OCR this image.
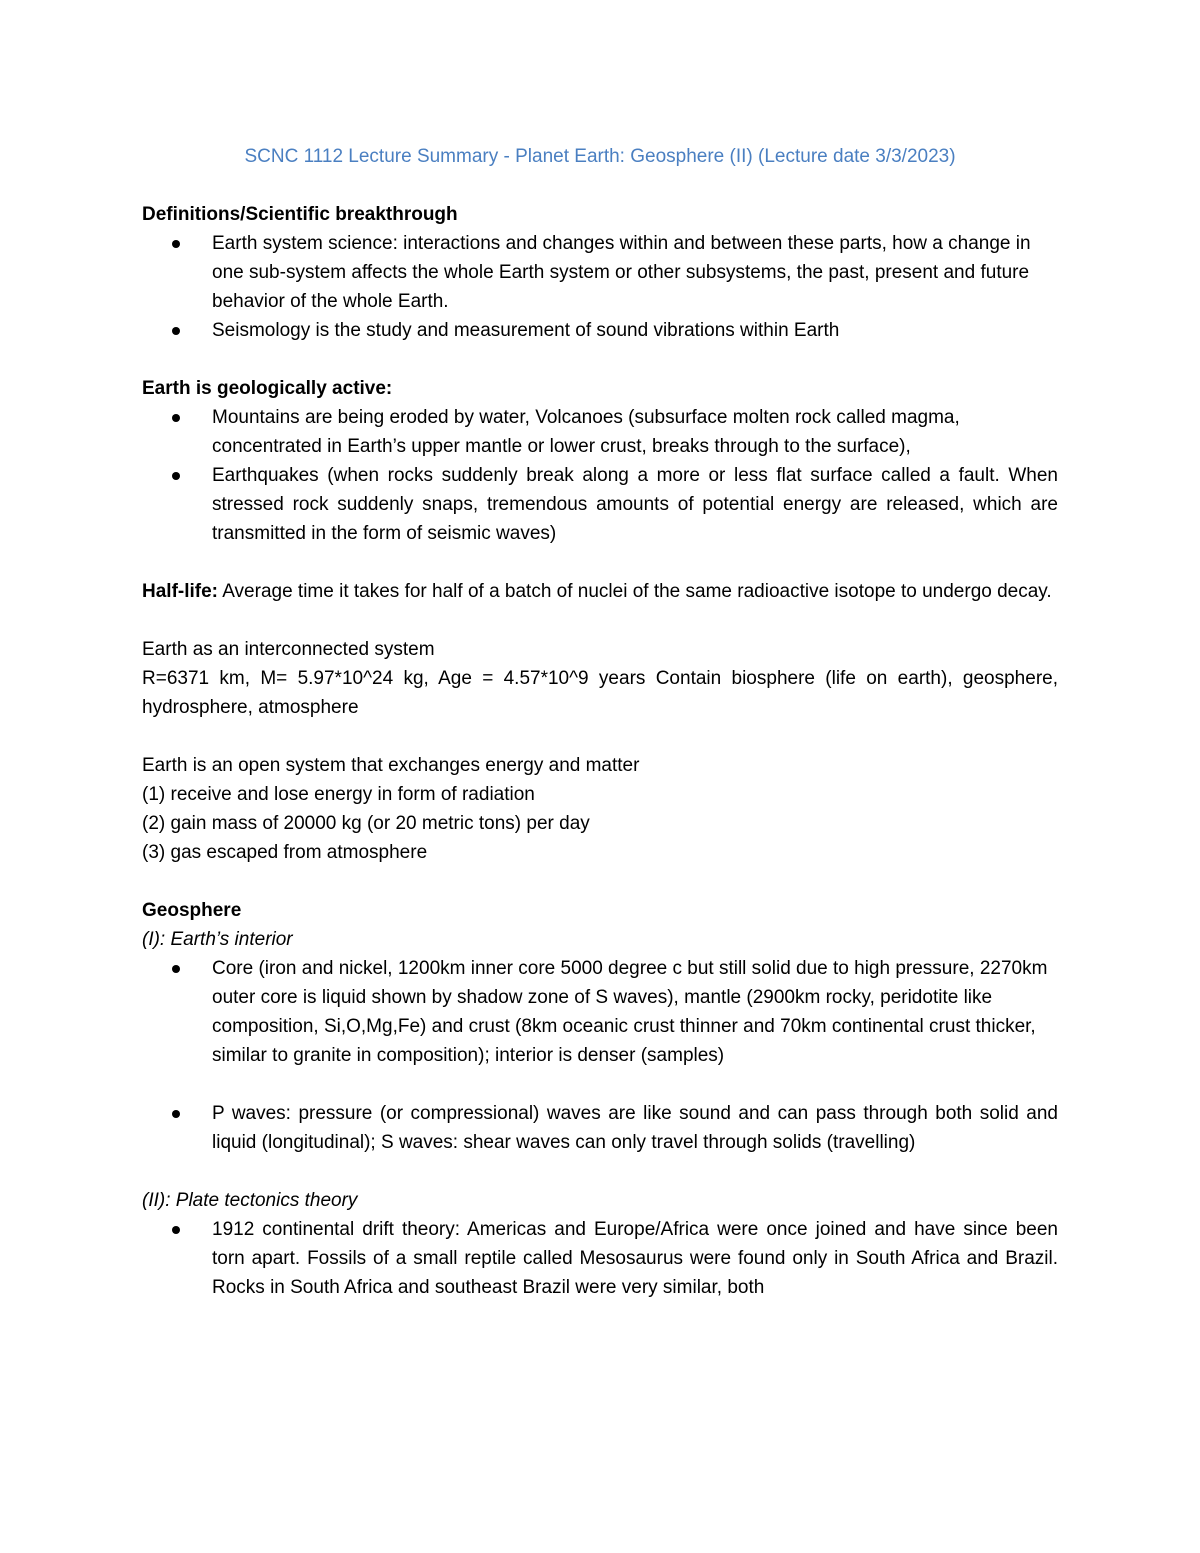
SCNC 1112 Lecture Summary - Planet Earth: Geosphere (II) (Lecture date 3/3/2023)

Definitions/Scientific breakthrough

Earth system science: interactions and changes within and between these parts, how a change in one sub-system affects the whole Earth system or other subsystems, the past, present and future behavior of the whole Earth.
Seismology is the study and measurement of sound vibrations within Earth

Earth is geologically active:

Mountains are being eroded by water, Volcanoes (subsurface molten rock called magma, concentrated in Earth’s upper mantle or lower crust, breaks through to the surface),
Earthquakes (when rocks suddenly break along a more or less flat surface called a fault. When stressed rock suddenly snaps, tremendous amounts of potential energy are released, which are transmitted in the form of seismic waves)

Half-life: Average time it takes for half of a batch of nuclei of the same radioactive isotope to undergo decay.

Earth as an interconnected system

R=6371 km, M= 5.97*10^24 kg, Age = 4.57*10^9 years Contain biosphere (life on earth), geosphere, hydrosphere, atmosphere

Earth is an open system that exchanges energy and matter

(1) receive and lose energy in form of radiation

(2) gain mass of 20000 kg (or 20 metric tons) per day

(3) gas escaped from atmosphere

Geosphere

(I): Earth’s interior

Core (iron and nickel, 1200km inner core 5000 degree c but still solid due to high pressure, 2270km outer core is liquid shown by shadow zone of S waves), mantle (2900km rocky, peridotite like composition, Si,O,Mg,Fe) and crust (8km oceanic crust thinner and 70km continental crust thicker, similar to granite in composition); interior is denser (samples)
P waves: pressure (or compressional) waves are like sound and can pass through both solid and liquid (longitudinal); S waves: shear waves can only travel through solids (travelling)

(II): Plate tectonics theory

1912 continental drift theory: Americas and Europe/Africa were once joined and have since been torn apart. Fossils of a small reptile called Mesosaurus were found only in South Africa and Brazil. Rocks in South Africa and southeast Brazil were very similar, both
